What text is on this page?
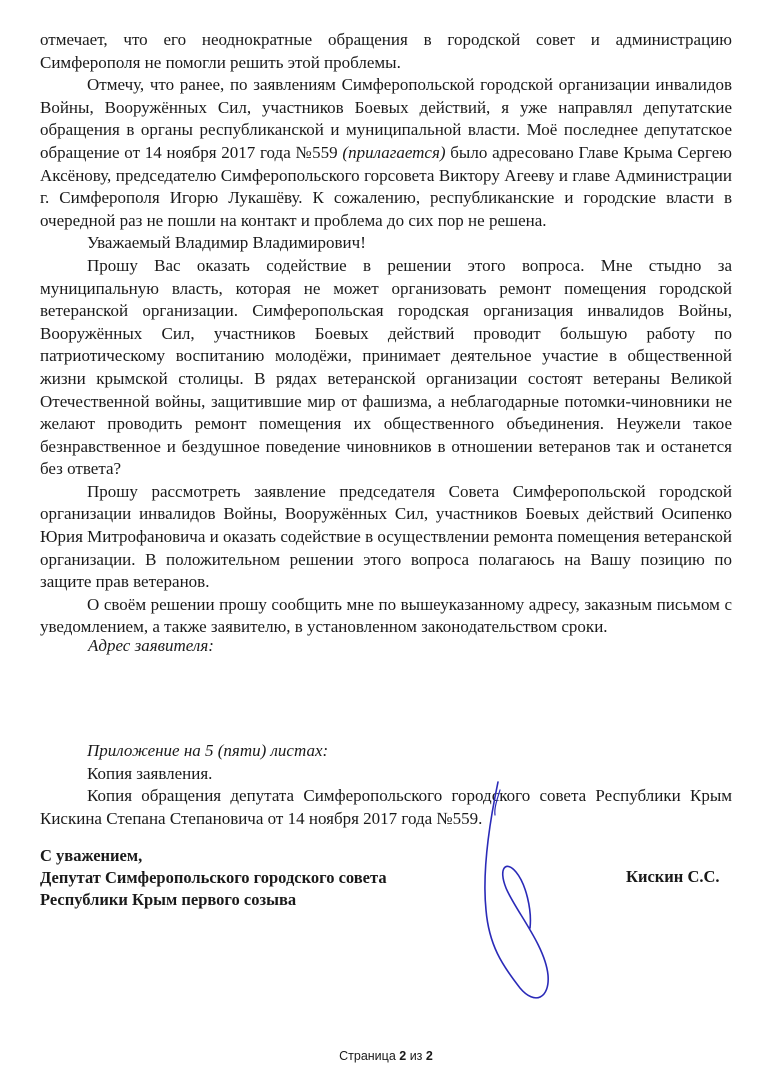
отмечает, что его неоднократные обращения в городской совет и администрацию Симферополя не помогли решить этой проблемы.

Отмечу, что ранее, по заявлениям Симферопольской городской организации инвалидов Войны, Вооружённых Сил, участников Боевых действий, я уже направлял депутатские обращения в органы республиканской и муниципальной власти. Моё последнее депутатское обращение от 14 ноября 2017 года №559 (прилагается) было адресовано Главе Крыма Сергею Аксёнову, председателю Симферопольского горсовета Виктору Агееву и главе Администрации г. Симферополя Игорю Лукашёву. К сожалению, республиканские и городские власти в очередной раз не пошли на контакт и проблема до сих пор не решена.

Уважаемый Владимир Владимирович!

Прошу Вас оказать содействие в решении этого вопроса. Мне стыдно за муниципальную власть, которая не может организовать ремонт помещения городской ветеранской организации. Симферопольская городская организация инвалидов Войны, Вооружённых Сил, участников Боевых действий проводит большую работу по патриотическому воспитанию молодёжи, принимает деятельное участие в общественной жизни крымской столицы. В рядах ветеранской организации состоят ветераны Великой Отечественной войны, защитившие мир от фашизма, а неблагодарные потомки-чиновники не желают проводить ремонт помещения их общественного объединения. Неужели такое безнравственное и бездушное поведение чиновников в отношении ветеранов так и останется без ответа?

Прошу рассмотреть заявление председателя Совета Симферопольской городской организации инвалидов Войны, Вооружённых Сил, участников Боевых действий Осипенко Юрия Митрофановича и оказать содействие в осуществлении ремонта помещения ветеранской организации. В положительном решении этого вопроса полагаюсь на Вашу позицию по защите прав ветеранов.

О своём решении прошу сообщить мне по вышеуказанному адресу, заказным письмом с уведомлением, а также заявителю, в установленном законодательством сроки.

Адрес заявителя:
Приложение на 5 (пяти) листах:

Копия заявления.

Копия обращения депутата Симферопольского городского совета Республики Крым Кискина Степана Степановича от 14 ноября 2017 года №559.

С уважением,
Депутат Симферопольского городского совета
Республики Крым первого созыва
Кискин С.С.
Страница 2 из 2
